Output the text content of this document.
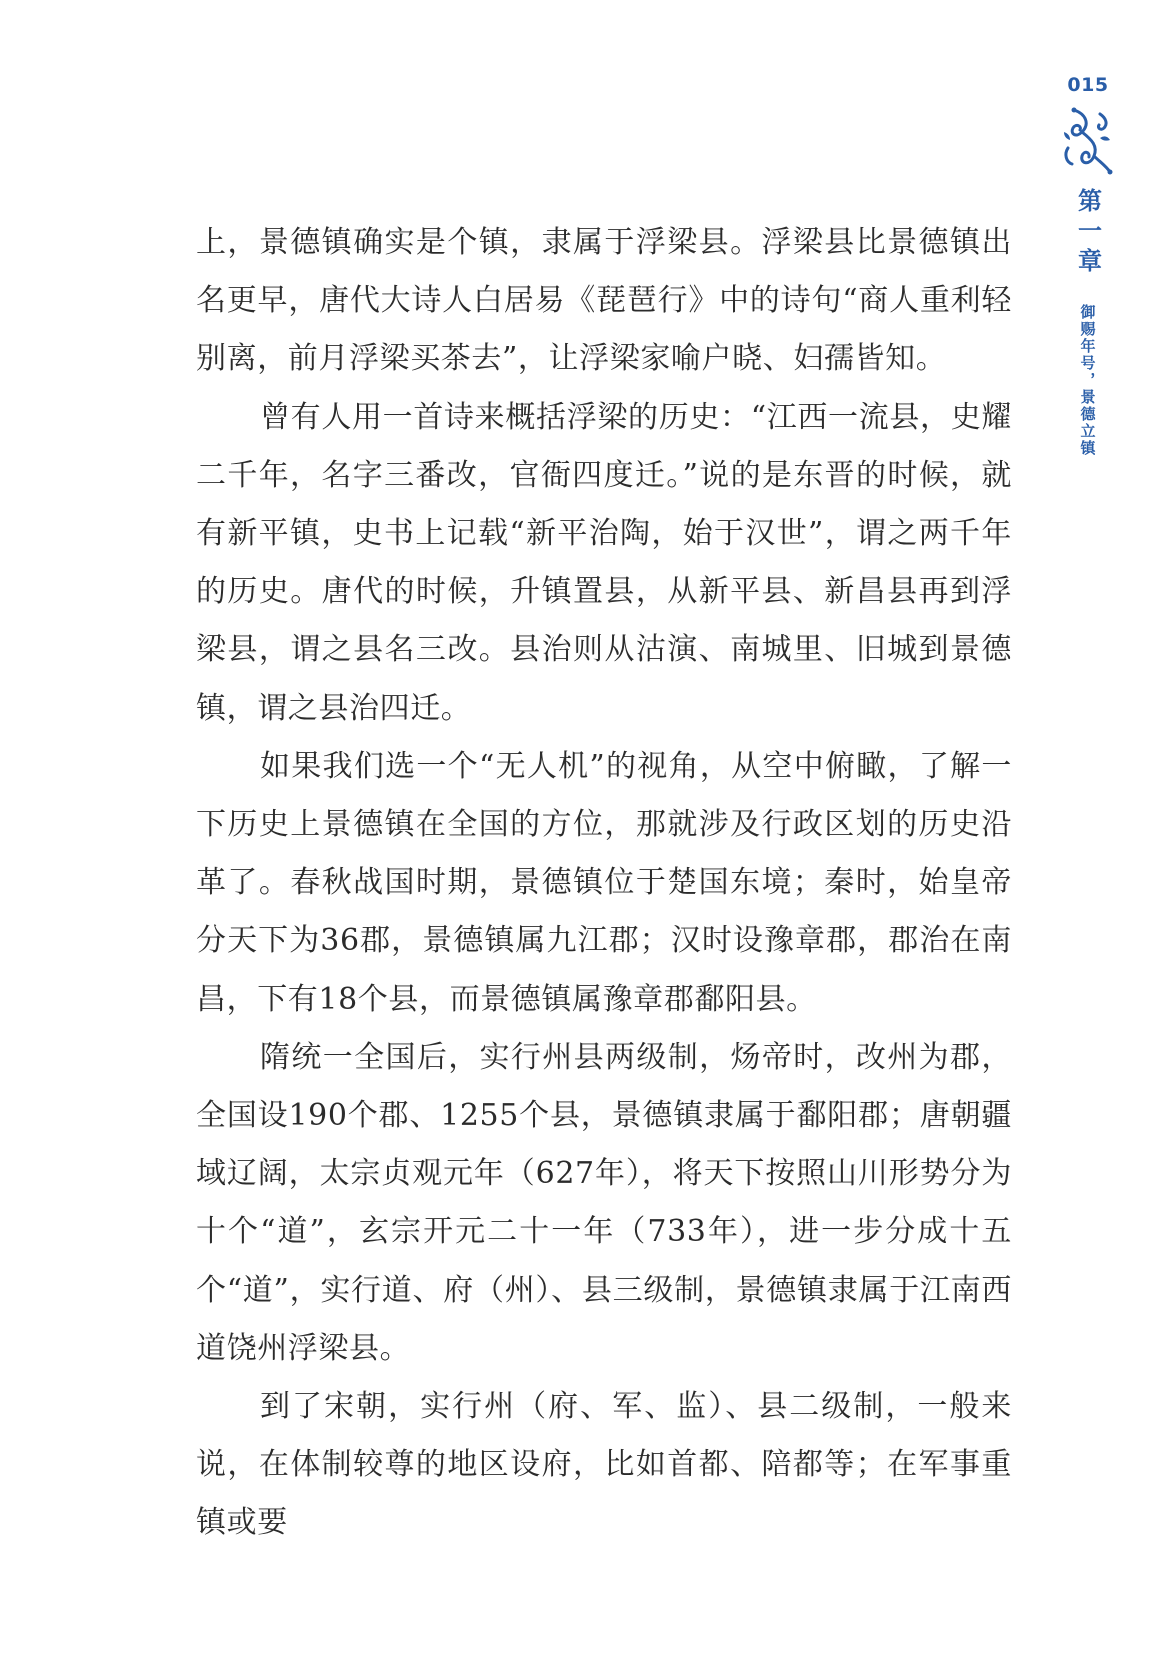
015
第一章
御赐年号，景德立镇

上，景德镇确实是个镇，隶属于浮梁县。浮梁县比景德镇出名更早，唐代大诗人白居易《琵琶行》中的诗句“商人重利轻别离，前月浮梁买茶去”，让浮梁家喻户晓、妇孺皆知。

曾有人用一首诗来概括浮梁的历史：“江西一流县，史耀二千年，名字三番改，官衙四度迁。”说的是东晋的时候，就有新平镇，史书上记载“新平治陶，始于汉世”，谓之两千年的历史。唐代的时候，升镇置县，从新平县、新昌县再到浮梁县，谓之县名三改。县治则从沽演、南城里、旧城到景德镇，谓之县治四迁。

如果我们选一个“无人机”的视角，从空中俯瞰，了解一下历史上景德镇在全国的方位，那就涉及行政区划的历史沿革了。春秋战国时期，景德镇位于楚国东境；秦时，始皇帝分天下为36郡，景德镇属九江郡；汉时设豫章郡，郡治在南昌，下有18个县，而景德镇属豫章郡鄱阳县。

隋统一全国后，实行州县两级制，炀帝时，改州为郡，全国设190个郡、1255个县，景德镇隶属于鄱阳郡；唐朝疆域辽阔，太宗贞观元年（627年），将天下按照山川形势分为十个“道”，玄宗开元二十一年（733年），进一步分成十五个“道”，实行道、府（州）、县三级制，景德镇隶属于江南西道饶州浮梁县。

到了宋朝，实行州（府、军、监）、县二级制，一般来说，在体制较尊的地区设府，比如首都、陪都等；在军事重镇或要
